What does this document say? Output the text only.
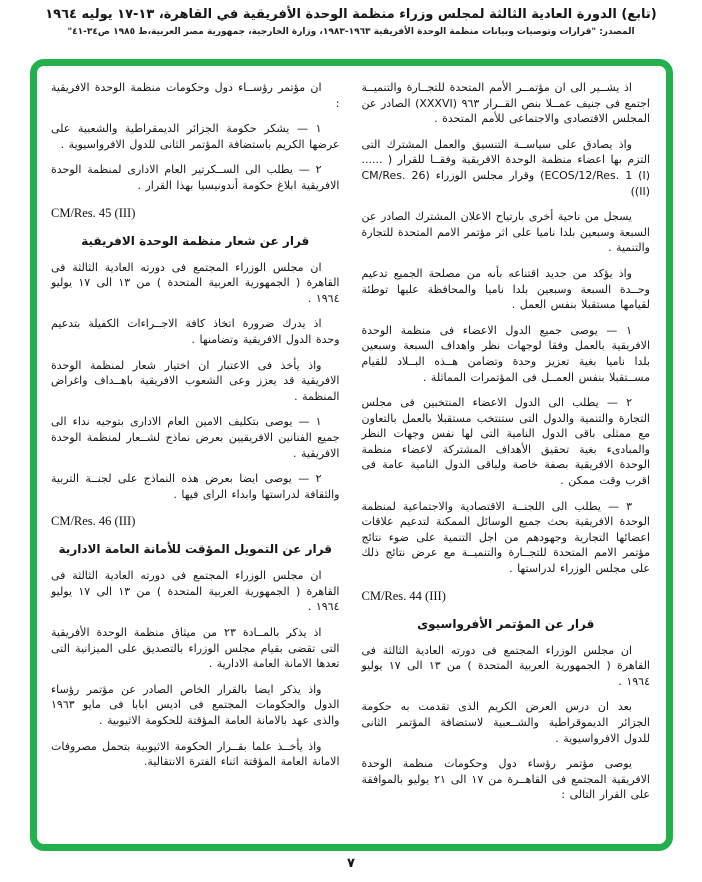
(تابع) الدورة العادية الثالثة لمجلس وزراء منظمة الوحدة الأفريقية في القاهرة، ١٣-١٧ يوليه ١٩٦٤
المصدر: "قرارات وتوصيات وبيانات منظمة الوحدة الأفريقية ١٩٦٣-١٩٨٣، وزارة الخارجية، جمهورية مصر العربية،ط ١٩٨٥ ص٣٤-٤١"
اذ يشــير الى ان مؤتمــر الأمم المتحدة للتجــارة والتنميــة اجتمع فى جنيف عمــلا بنص القــرار ٩٦٣ (XXXVI) الصادر عن المجلس الاقتصادى والاجتماعى للأمم المتحدة .
واذ يصادق على سياســة التنسيق والعمل المشترك التى التزم بها اعضاء منظمة الوحدة الافريقية وفقــا للقرار ( ...... ECOS/12/Res. 1 (I)) وقرار مجلس الوزراء (CM/Res. 26 (II))
يسجل من ناحية أخرى بارتياح الاعلان المشترك الصادر عن السبعة وسبعين بلدا ناميا على اثر مؤتمر الامم المتحدة للتجارة والتنمية .
واذ يؤكد من جديد اقتناعه بأنه من مصلحة الجميع تدعيم وحــدة السبعة وسبعين بلدا ناميا والمحافظة عليها توطئة لقيامها مستقبلا بنفس العمل .
١ — يوصى جميع الدول الاعضاء فى منظمة الوحدة الافريقية بالعمل وفقا لوجهات نظر واهداف السبعة وسبعين بلدا ناميا بغية تعزيز وحدة وتضامن هــذه البــلاد للقيام مســتقبلا بنفس العمــل فى المؤتمرات المماثلة .
٢ — يطلب الى الدول الاعضاء المنتخبين فى مجلس التجارة والتنمية والدول التى ستنتخب مستقبلا بالعمل بالتعاون مع ممثلى باقى الدول النامية التى لها نفس وجهات النظر والمبادىء بغية تحقيق الأهداف المشتركة لاعضاء منظمة الوحدة الافريقية بصفة خاصة ولباقى الدول النامية عامة فى اقرب وقت ممكن .
٣ — يطلب الى اللجنــة الاقتصادية والاجتماعية لمنظمة الوحدة الافريقية بحث جميع الوسائل الممكنة لتدعيم علاقات اعضائها التجارية وجهودهم من اجل التنمية على ضوء نتائج مؤتمر الامم المتحدة للتجــارة والتنميــة مع عرض نتائج ذلك على مجلس الوزراء لدراستها .
CM/Res. 44 (III)
قرار عن المؤتمر الأفرواسيوى
ان مجلس الوزراء المجتمع فى دورته العادية الثالثة فى القاهرة ( الجمهورية العربية المتحدة ) من ١٣ الى ١٧ يوليو ١٩٦٤ .
بعد ان درس العرض الكريم الذى تقدمت به حكومة الجزائر الديموقراطية والشــعبية لاستضافة المؤتمر الثانى للدول الافرواسيوية .
يوصى مؤتمر رؤساء دول وحكومات منظمة الوحدة الافريقية المجتمع فى القاهــرة من ١٧ الى ٢١ يوليو بالموافقة على القرار التالى :
ان مؤتمر رؤســاء دول وحكومات منظمة الوحدة الافريقية :
١ — يشكر حكومة الجزائر الديمقراطية والشعبية على عرضها الكريم باستضافة المؤتمر الثانى للدول الافرواسيوية .
٢ — يطلب الى الســكرتير العام الادارى لمنظمة الوحدة الافريقية ابلاغ حكومة أندونيسيا بهذا القرار .
CM/Res. 45 (III)
قرار عن شعار منظمة الوحدة الافريقية
ان مجلس الوزراء المجتمع فى دورته العادية الثالثة فى القاهرة ( الجمهورية العربية المتحدة ) من ١٣ الى ١٧ يوليو ١٩٦٤ .
اذ يدرك ضرورة اتخاذ كافة الاجــراءات الكفيلة بتدعيم وحدة الدول الافريقية وتضامنها .
واذ يأخذ فى الاعتبار ان اختيار شعار لمنظمة الوحدة الافريقية قد يعزز وعى الشعوب الافريقية باهــداف واغراض المنظمة .
١ — يوصى بتكليف الامين العام الادارى بتوجيه نداء الى جميع الفنانين الافريقيين بعرض نماذج لشــعار لمنظمة الوحدة الافريقية .
٢ — يوصى ايضا بعرض هذه النماذج على لجنــة التربية والثقافة لدراستها وابداء الراى فيها .
CM/Res. 46 (III)
قرار عن التمويل المؤقت للأمانة العامة الادارية
ان مجلس الوزراء المجتمع فى دورته العادية الثالثة فى القاهرة ( الجمهورية العربية المتحدة ) من ١٣ الى ١٧ يوليو ١٩٦٤ .
اذ يذكر بالمــادة ٢٣ من ميثاق منظمة الوحدة الأفريقية التى تقضى بقيام مجلس الوزراء بالتصديق على الميزانية التى تعدها الامانة العامة الادارية .
واذ يذكر ايضا بالقرار الخاص الصادر عن مؤتمر رؤساء الدول والحكومات المجتمع فى اديس ابابا فى مايو ١٩٦٣ والذى عهد بالامانة العامة المؤقتة للحكومة الاثيوبية .
واذ يأخــذ علما بقــرار الحكومة الاثيوبية بتحمل مصروفات الامانة العامة المؤقتة اثناء الفترة الانتقالية.
٧
